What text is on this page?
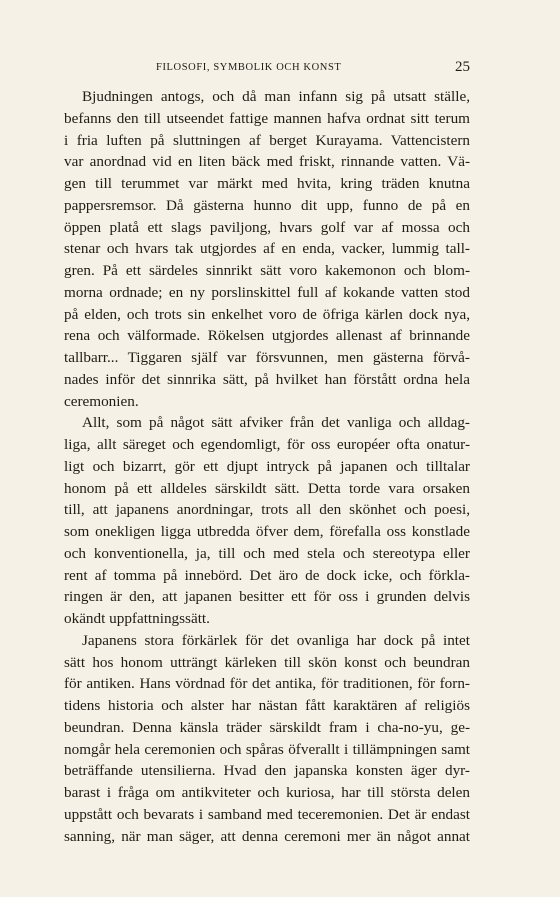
FILOSOFI, SYMBOLIK OCH KONST	25
Bjudningen antogs, och då man infann sig på utsatt ställe,
befanns den till utseendet fattige mannen hafva ordnat sitt terum
i fria luften på sluttningen af berget Kurayama. Vattencistern
var anordnad vid en liten bäck med friskt, rinnande vatten. Vä-
gen till terummet var märkt med hvita, kring träden knutna
pappersremsor. Då gästerna hunno dit upp, funno de på en
öppen platå ett slags paviljong, hvars golf var af mossa och
stenar och hvars tak utgjordes af en enda, vacker, lummig tall-
gren. På ett särdeles sinnrikt sätt voro kakemonon och blom-
morna ordnade; en ny porslinskittel full af kokande vatten stod
på elden, och trots sin enkelhet voro de öfriga kärlen dock nya,
rena och välformade. Rökelsen utgjordes allenast af brinnande
tallbarr... Tiggaren själf var försvunnen, men gästerna förvå-
nades inför det sinnrika sätt, på hvilket han förstått ordna hela
ceremonien.
Allt, som på något sätt afviker från det vanliga och alldag-
liga, allt säreget och egendomligt, för oss européer ofta onatur-
ligt och bizarrt, gör ett djupt intryck på japanen och tilltalar
honom på ett alldeles särskildt sätt. Detta torde vara orsaken
till, att japanens anordningar, trots all den skönhet och poesi,
som onekligen ligga utbredda öfver dem, förefalla oss konstlade
och konventionella, ja, till och med stela och stereotypa eller
rent af tomma på innebörd. Det äro de dock icke, och förkla-
ringen är den, att japanen besitter ett för oss i grunden delvis
okändt uppfattningssätt.
Japanens stora förkärlek för det ovanliga har dock på intet
sätt hos honom utträngt kärleken till skön konst och beundran
för antiken. Hans vördnad för det antika, för traditionen, för forn-
tidens historia och alster har nästan fått karaktären af religiös
beundran. Denna känsla träder särskildt fram i cha-no-yu, ge-
nomgår hela ceremonien och spåras öfverallt i tillämpningen samt
beträffande utensilierna. Hvad den japanska konsten äger dyr-
barast i fråga om antikviteter och kuriosa, har till största delen
uppstått och bevarats i samband med teceremonien. Det är endast
sanning, när man säger, att denna ceremoni mer än något annat
